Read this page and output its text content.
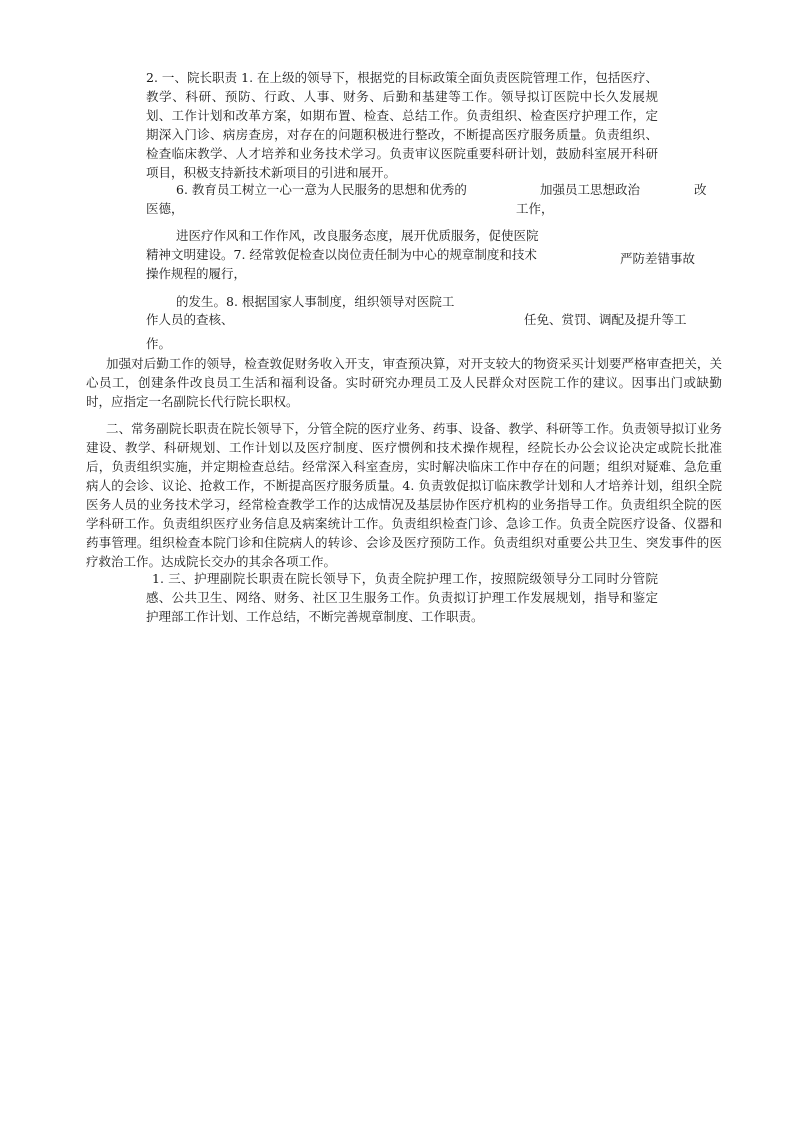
2. 一、院长职责 1. 在上级的领导下，根据党的目标政策全面负责医院管理工作，包括医疗、教学、科研、预防、行政、人事、财务、后勤和基建等工作。领导拟订医院中长久发展规划、工作计划和改革方案，如期布置、检查、总结工作。负责组织、检查医疗护理工作，定期深入门诊、病房查房，对存在的问题积极进行整改，不断提高医疗服务质量。负责组织、检查临床教学、人才培养和业务技术学习。负责审议医院重要科研计划，鼓励科室展开科研项目，积极支持新技术新项目的引进和展开。

6. 教育员工树立一心一意为人民服务的思想和优秀的
医德，
加强员工思想政治
工作，
改
进医疗作风和工作作风，改良服务态度，展开优质服务，促使医院
精神文明建设。7. 经常敦促检查以岗位责任制为中心的规章制度和技术
操作规程的履行，
严防差错事故
的发生。8. 根据国家人事制度，组织领导对医院工
作人员的查核、	任免、赏罚、调配及提升等工
作。

加强对后勤工作的领导，检查敦促财务收入开支，审查预决算，对开支较大的物资采买计划要严格审查把关，关心员工，创建条件改良员工生活和福利设备。实时研究办理员工及人民群众对医院工作的建议。因事出门或缺勤时，应指定一名副院长代行院长职权。

二、常务副院长职责在院长领导下，分管全院的医疗业务、药事、设备、教学、科研等工作。负责领导拟订业务建设、教学、科研规划、工作计划以及医疗制度、医疗惯例和技术操作规程，经院长办公会议论决定或院长批准后，负责组织实施，并定期检查总结。经常深入科室查房，实时解决临床工作中存在的问题；组织对疑难、急危重病人的会诊、议论、抢救工作，不断提高医疗服务质量。4. 负责敦促拟订临床教学计划和人才培养计划，组织全院医务人员的业务技术学习，经常检查教学工作的达成情况及基层协作医疗机构的业务指导工作。负责组织全院的医学科研工作。负责组织医疗业务信息及病案统计工作。负责组织检查门诊、急诊工作。负责全院医疗设备、仪器和药事管理。组织检查本院门诊和住院病人的转诊、会诊及医疗预防工作。负责组织对重要公共卫生、突发事件的医疗救治工作。达成院长交办的其余各项工作。

1. 三、护理副院长职责在院长领导下，负责全院护理工作，按照院级领导分工同时分管院感、公共卫生、网络、财务、社区卫生服务工作。负责拟订护理工作发展规划，指导和鉴定护理部工作计划、工作总结，不断完善规章制度、工作职责。
